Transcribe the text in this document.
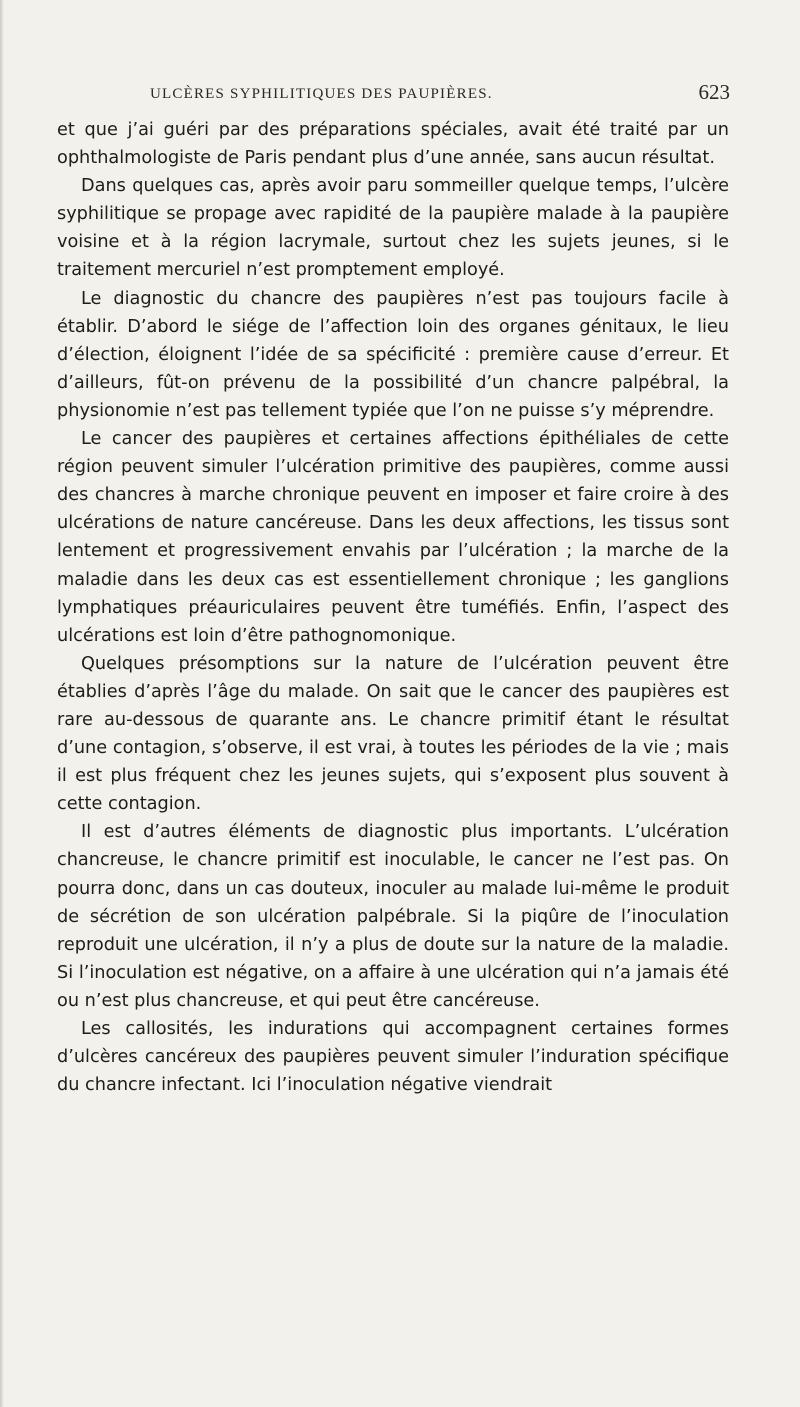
ULCÈRES SYPHILITIQUES DES PAUPIÈRES.	623

et que j’ai guéri par des préparations spéciales, avait été traité par un ophthalmologiste de Paris pendant plus d’une année, sans aucun résultat.

Dans quelques cas, après avoir paru sommeiller quelque temps, l’ulcère syphilitique se propage avec rapidité de la paupière malade à la paupière voisine et à la région lacrymale, surtout chez les sujets jeunes, si le traitement mercuriel n’est promptement employé.

Le diagnostic du chancre des paupières n’est pas toujours facile à établir. D’abord le siége de l’affection loin des organes génitaux, le lieu d’élection, éloignent l’idée de sa spécificité : première cause d’erreur. Et d’ailleurs, fût-on prévenu de la possibilité d’un chancre palpébral, la physionomie n’est pas tellement typiée que l’on ne puisse s’y méprendre.

Le cancer des paupières et certaines affections épithéliales de cette région peuvent simuler l’ulcération primitive des paupières, comme aussi des chancres à marche chronique peuvent en imposer et faire croire à des ulcérations de nature cancéreuse. Dans les deux affections, les tissus sont lentement et progressivement envahis par l’ulcération ; la marche de la maladie dans les deux cas est essentiellement chronique ; les ganglions lymphatiques préauriculaires peuvent être tuméfiés. Enfin, l’aspect des ulcérations est loin d’être pathognomonique.

Quelques présomptions sur la nature de l’ulcération peuvent être établies d’après l’âge du malade. On sait que le cancer des paupières est rare au-dessous de quarante ans. Le chancre primitif étant le résultat d’une contagion, s’observe, il est vrai, à toutes les périodes de la vie ; mais il est plus fréquent chez les jeunes sujets, qui s’exposent plus souvent à cette contagion.

Il est d’autres éléments de diagnostic plus importants. L’ulcération chancreuse, le chancre primitif est inoculable, le cancer ne l’est pas. On pourra donc, dans un cas douteux, inoculer au malade lui-même le produit de sécrétion de son ulcération palpébrale. Si la piqûre de l’inoculation reproduit une ulcération, il n’y a plus de doute sur la nature de la maladie. Si l’inoculation est négative, on a affaire à une ulcération qui n’a jamais été ou n’est plus chancreuse, et qui peut être cancéreuse.

Les callosités, les indurations qui accompagnent certaines formes d’ulcères cancéreux des paupières peuvent simuler l’induration spécifique du chancre infectant. Ici l’inoculation négative viendrait
